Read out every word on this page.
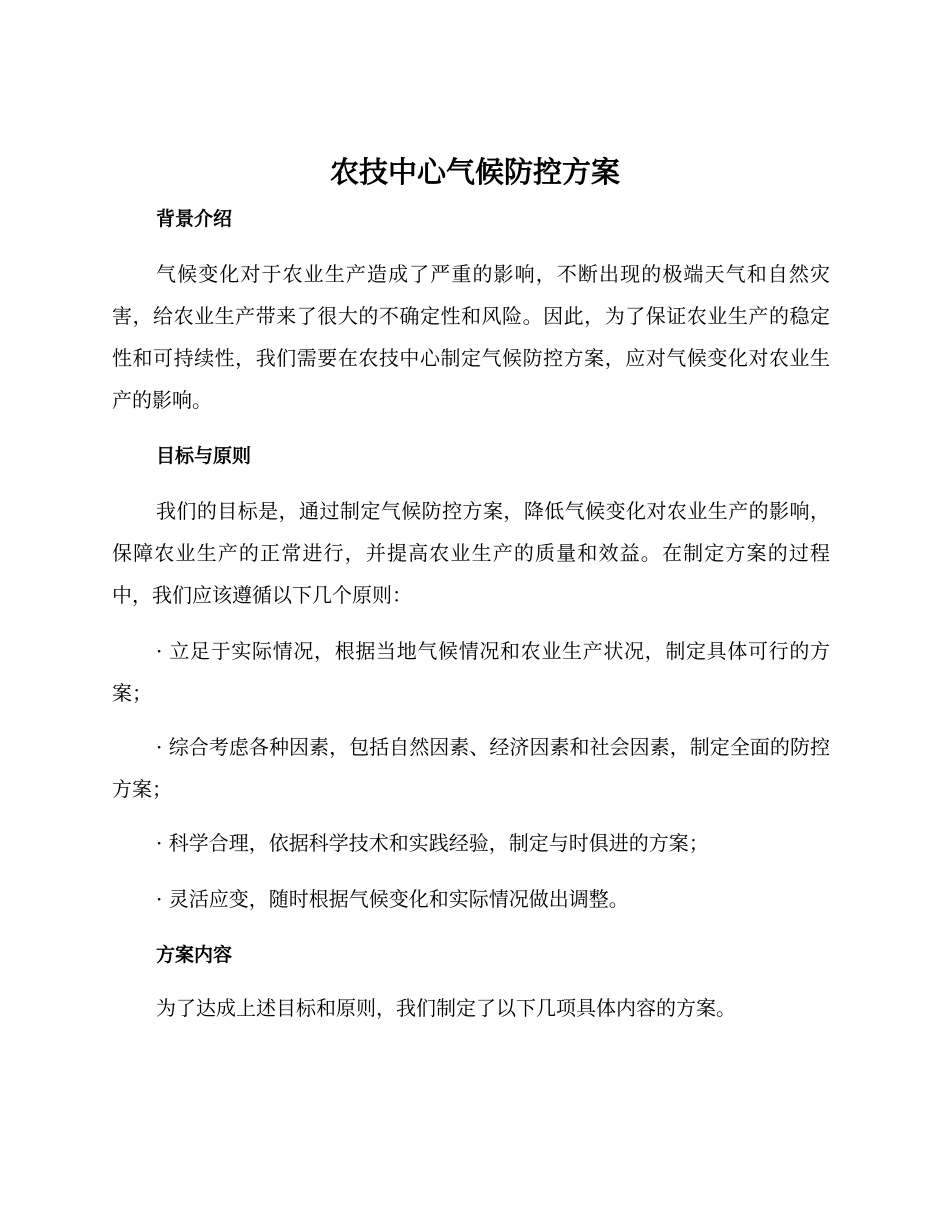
农技中心气候防控方案
背景介绍

气候变化对于农业生产造成了严重的影响，不断出现的极端天气和自然灾害，给农业生产带来了很大的不确定性和风险。因此，为了保证农业生产的稳定性和可持续性，我们需要在农技中心制定气候防控方案，应对气候变化对农业生产的影响。

目标与原则

我们的目标是，通过制定气候防控方案，降低气候变化对农业生产的影响，保障农业生产的正常进行，并提高农业生产的质量和效益。在制定方案的过程中，我们应该遵循以下几个原则：

· 立足于实际情况，根据当地气候情况和农业生产状况，制定具体可行的方案；

· 综合考虑各种因素，包括自然因素、经济因素和社会因素，制定全面的防控方案；

· 科学合理，依据科学技术和实践经验，制定与时俱进的方案；

· 灵活应变，随时根据气候变化和实际情况做出调整。

方案内容

为了达成上述目标和原则，我们制定了以下几项具体内容的方案。
